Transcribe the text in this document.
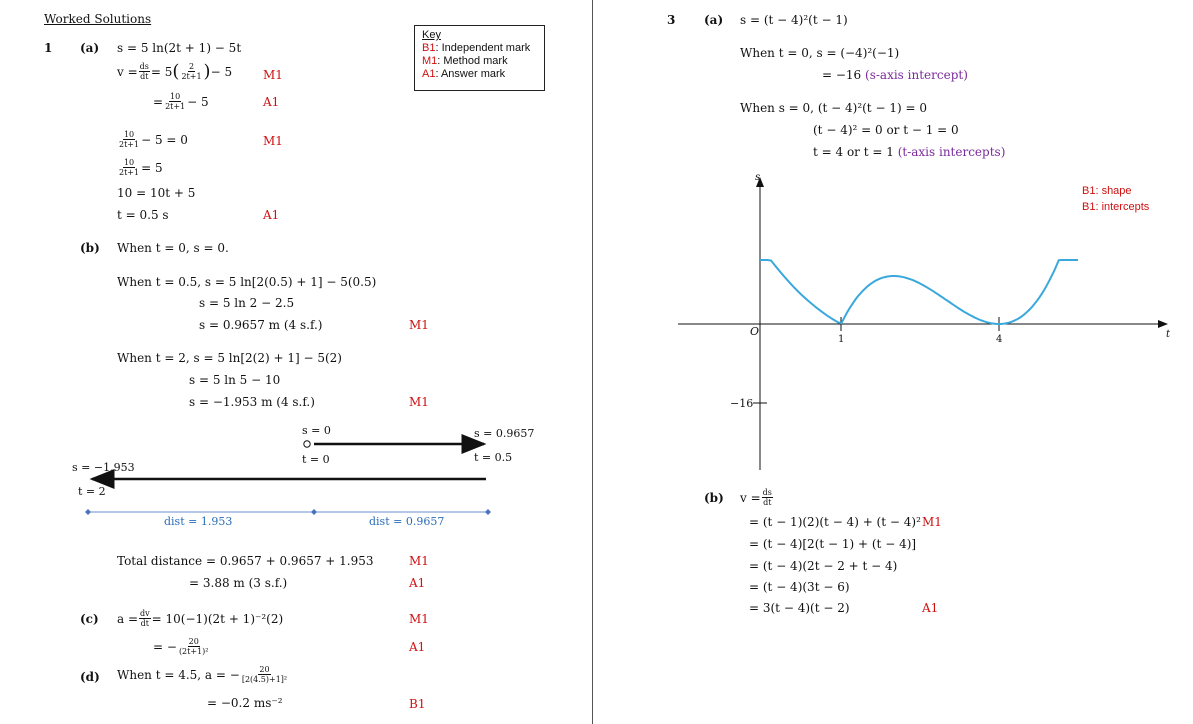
Worked Solutions
Key
B1: Independent mark
M1: Method mark
A1: Answer mark
1 (a) s = 5 ln(2t + 1) − 5t
$v = \frac{ds}{dt} = 5$ ( $\frac{2}{2t+1}$ ) − 5	M1
= $\frac{10}{2t+1} - 5$	A1
$\frac{10}{2t+1} - 5 = 0$	M1
$\frac{10}{2t+1} = 5$
10 = 10t + 5
t = 0.5 s	A1
(b) When t = 0, s = 0.
When t = 0.5, s = 5 ln[2(0.5) + 1] − 5(0.5)
s = 5 ln 2 − 2.5
s = 0.9657 m (4 s.f.)	M1
When t = 2, s = 5 ln[2(2) + 1] − 5(2)
s = 5 ln 5 − 10
s = −1.953 m (4 s.f.)	M1
s = 0
t = 0
s = 0.9657
t = 0.5
s = −1.953
t = 2
dist = 1.953	dist = 0.9657
Total distance = 0.9657 + 0.9657 + 1.953	M1
= 3.88 m (3 s.f.)	A1
(c) $a = \frac{dv}{dt} = 10(-1)(2t + 1)^{-2}(2)$	M1
= − $\frac{20}{\text{(2t+1)²}}$	A1
(d) When t = 4.5, a = − $\frac{20}{\text{[2(4.5)+1]²}}$
= −0.2 ms⁻²	B1
3 (a) s = (t − 4)²(t − 1)
When t = 0, s = (−4)²(−1)
= −16 (s-axis intercept)
When s = 0, (t − 4)²(t − 1) = 0
(t − 4)² = 0 or t − 1 = 0
t = 4 or t = 1 (t-axis intercepts)
B1: shape
B1: intercepts
s
t
O
1	4
−16
(b) $v = \frac{ds}{dt}$
= (t − 1)(2)(t − 4) + (t − 4)² M1
= (t − 4)[2(t − 1) + (t − 4)]
= (t − 4)(2t − 2 + t − 4)
= (t − 4)(3t − 6)
= 3(t − 4)(t − 2)	A1
